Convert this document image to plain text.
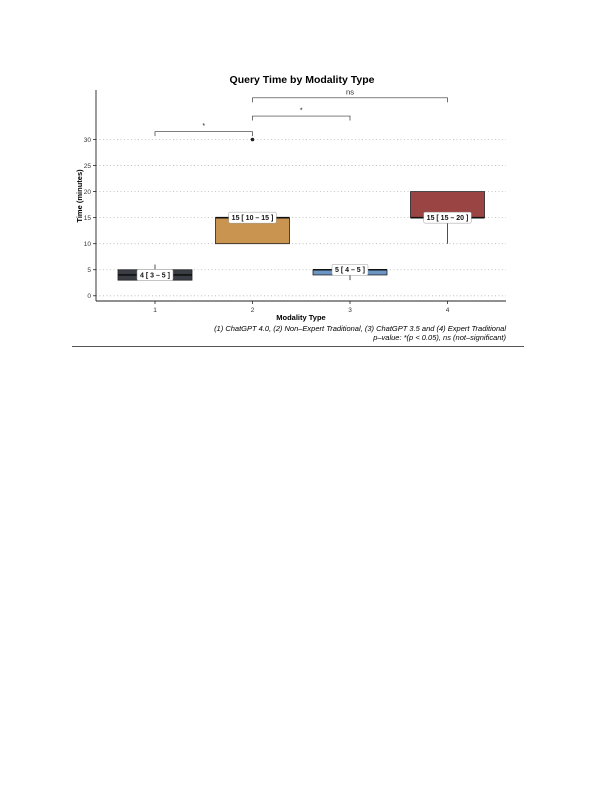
Query Time by Modality Type
0
5
10
15
20
25
30
1	2	3	4
*
*
ns
4 [ 3 – 5 ]
15 [ 10 – 15 ]
5 [ 4 – 5 ]
15 [ 15 – 20 ]
Modality Type
Time (minutes)
(1) ChatGPT 4.0, (2) Non–Expert Traditional, (3) ChatGPT 3.5 and (4) Expert Traditional
p–value: *(p < 0.05), ns (not–significant)
